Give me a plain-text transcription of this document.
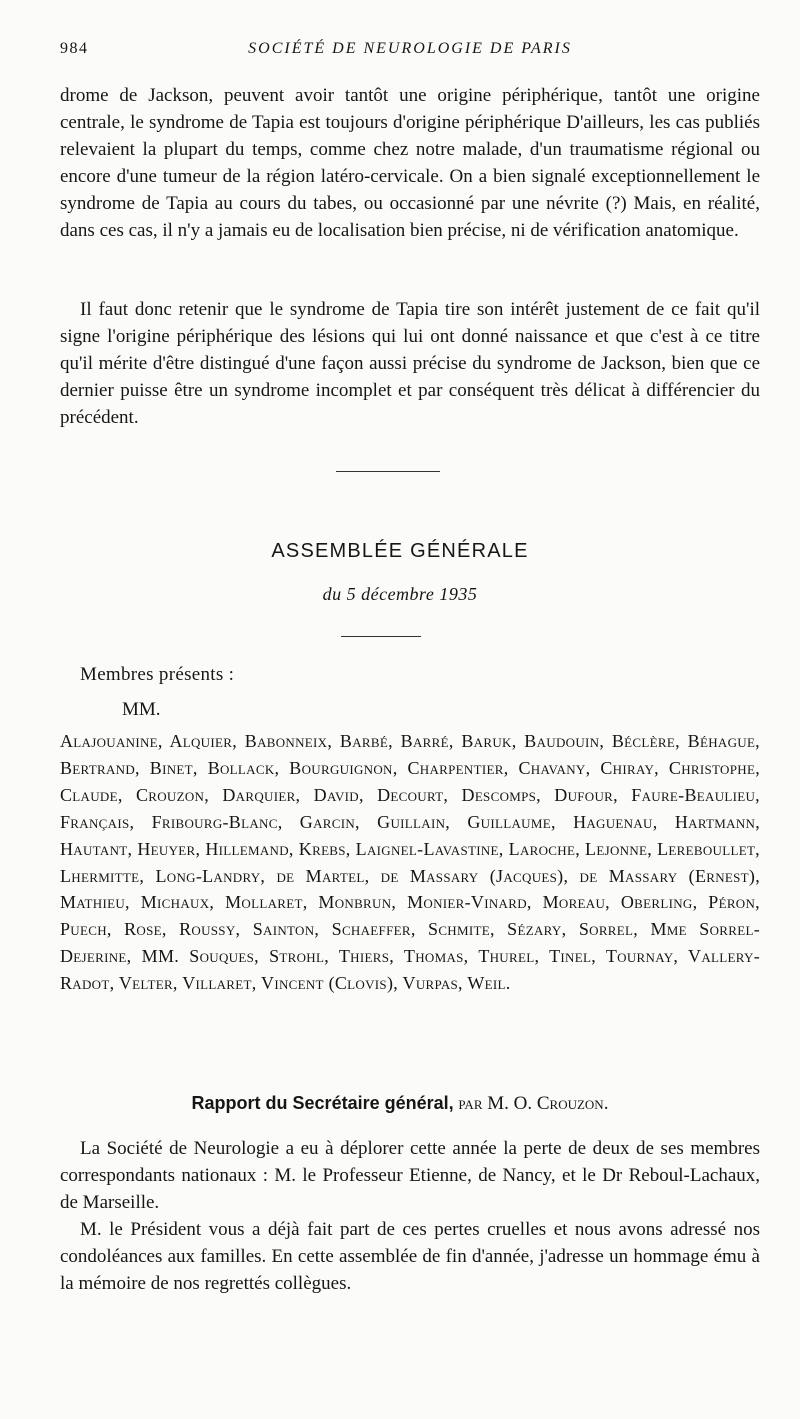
984	SOCIÉTÉ DE NEUROLOGIE DE PARIS

drome de Jackson, peuvent avoir tantôt une origine périphérique, tantôt une origine centrale, le syndrome de Tapia est toujours d'origine périphérique D'ailleurs, les cas publiés relevaient la plupart du temps, comme chez notre malade, d'un traumatisme régional ou encore d'une tumeur de la région latéro-cervicale. On a bien signalé exceptionnellement le syndrome de Tapia au cours du tabes, ou occasionné par une névrite (?) Mais, en réalité, dans ces cas, il n'y a jamais eu de localisation bien précise, ni de vérification anatomique.

Il faut donc retenir que le syndrome de Tapia tire son intérêt justement de ce fait qu'il signe l'origine périphérique des lésions qui lui ont donné naissance et que c'est à ce titre qu'il mérite d'être distingué d'une façon aussi précise du syndrome de Jackson, bien que ce dernier puisse être un syndrome incomplet et par conséquent très délicat à différencier du précédent.

ASSEMBLÉE GÉNÉRALE
du 5 décembre 1935
Membres présents :
MM.

Alajouanine, Alquier, Babonneix, Barbé, Barré, Baruk, Baudouin, Béclère, Béhague, Bertrand, Binet, Bollack, Bourguignon, Charpentier, Chavany, Chiray, Christophe, Claude, Crouzon, Darquier, David, Decourt, Descomps, Dufour, Faure-Beaulieu, Français, Fribourg-Blanc, Garcin, Guillain, Guillaume, Haguenau, Hartmann, Hautant, Heuyer, Hillemand, Krebs, Laignel-Lavastine, Laroche, Lejonne, Lereboullet, Lhermitte, Long-Landry, de Martel, de Massary (Jacques), de Massary (Ernest), Mathieu, Michaux, Mollaret, Monbrun, Monier-Vinard, Moreau, Oberling, Péron, Puech, Rose, Roussy, Sainton, Schaeffer, Schmite, Sézary, Sorrel, Mme Sorrel-Dejerine, MM. Souques, Strohl, Thiers, Thomas, Thurel, Tinel, Tournay, Vallery-Radot, Velter, Villaret, Vincent (Clovis), Vurpas, Weil.

Rapport du Secrétaire général, par M. O. Crouzon.

La Société de Neurologie a eu à déplorer cette année la perte de deux de ses membres correspondants nationaux : M. le Professeur Etienne, de Nancy, et le Dr Reboul-Lachaux, de Marseille.

M. le Président vous a déjà fait part de ces pertes cruelles et nous avons adressé nos condoléances aux familles. En cette assemblée de fin d'année, j'adresse un hommage ému à la mémoire de nos regrettés collègues.
